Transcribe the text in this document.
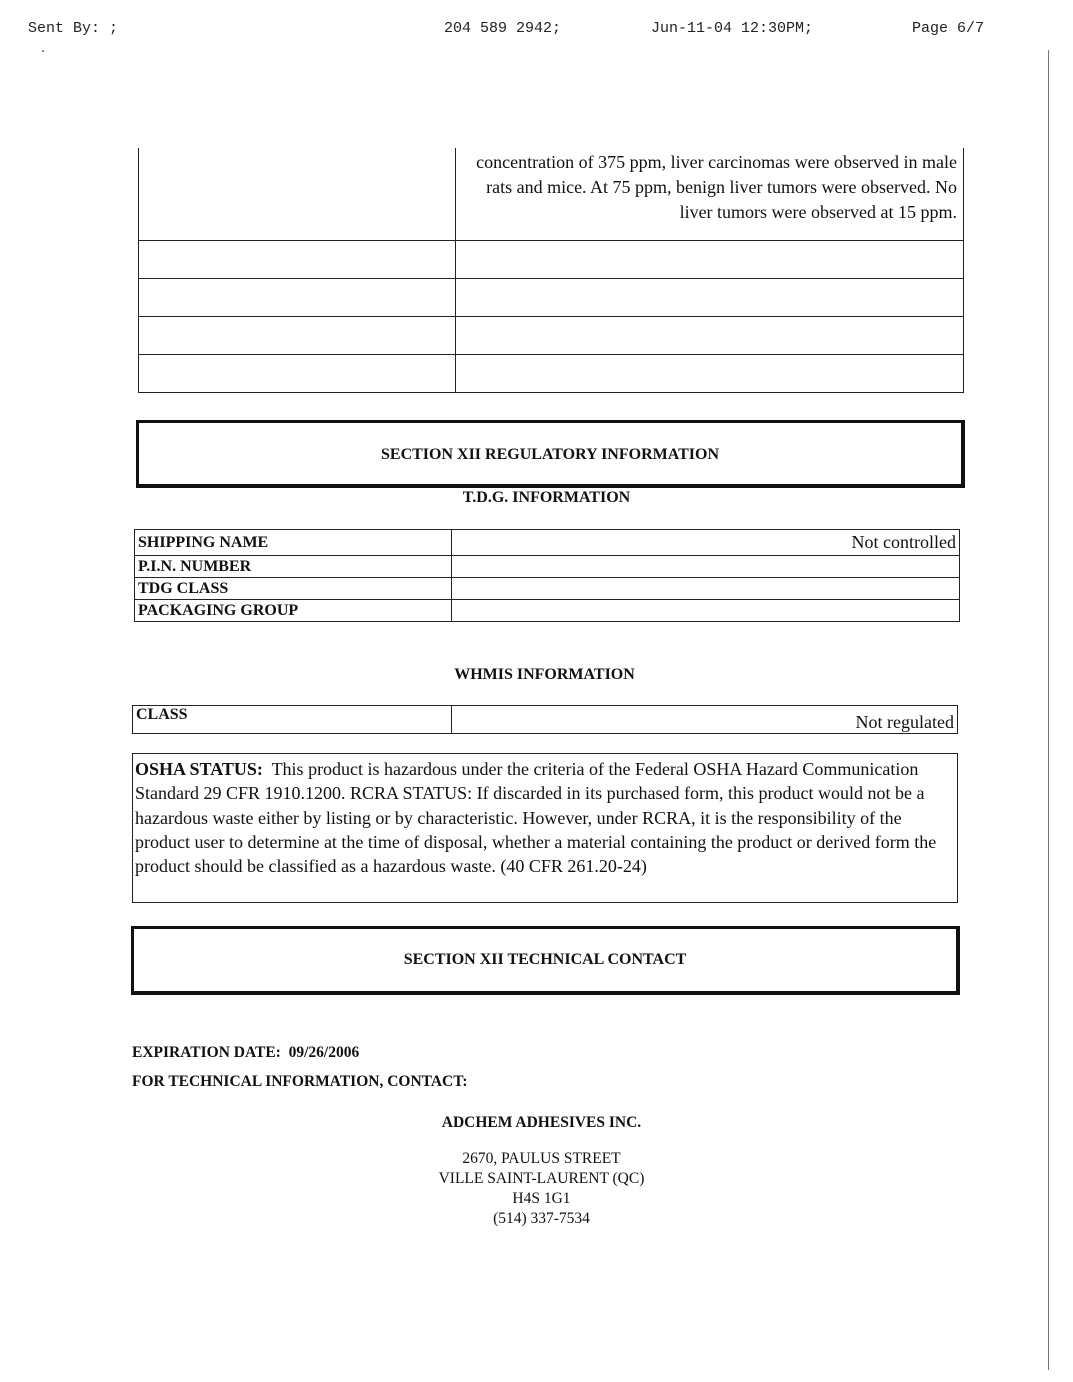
Sent By: ;	204 589 2942;	Jun-11-04 12:30PM;	Page 6/7
	concentration of 375 ppm, liver carcinomas were observed in male rats and mice. At 75 ppm, benign liver tumors were observed. No liver tumors were observed at 15 ppm.

SECTION XII REGULATORY INFORMATION
T.D.G. INFORMATION
SHIPPING NAME	Not controlled
P.I.N. NUMBER	
TDG CLASS	
PACKAGING GROUP	
WHMIS INFORMATION
CLASS	Not regulated
OSHA STATUS: This product is hazardous under the criteria of the Federal OSHA Hazard Communication Standard 29 CFR 1910.1200. RCRA STATUS: If discarded in its purchased form, this product would not be a hazardous waste either by listing or by characteristic. However, under RCRA, it is the responsibility of the product user to determine at the time of disposal, whether a material containing the product or derived form the product should be classified as a hazardous waste. (40 CFR 261.20-24)
SECTION XII TECHNICAL CONTACT
EXPIRATION DATE: 09/26/2006
FOR TECHNICAL INFORMATION, CONTACT:
ADCHEM ADHESIVES INC.
2670, PAULUS STREET
VILLE SAINT-LAURENT (QC)
H4S 1G1
(514) 337-7534
